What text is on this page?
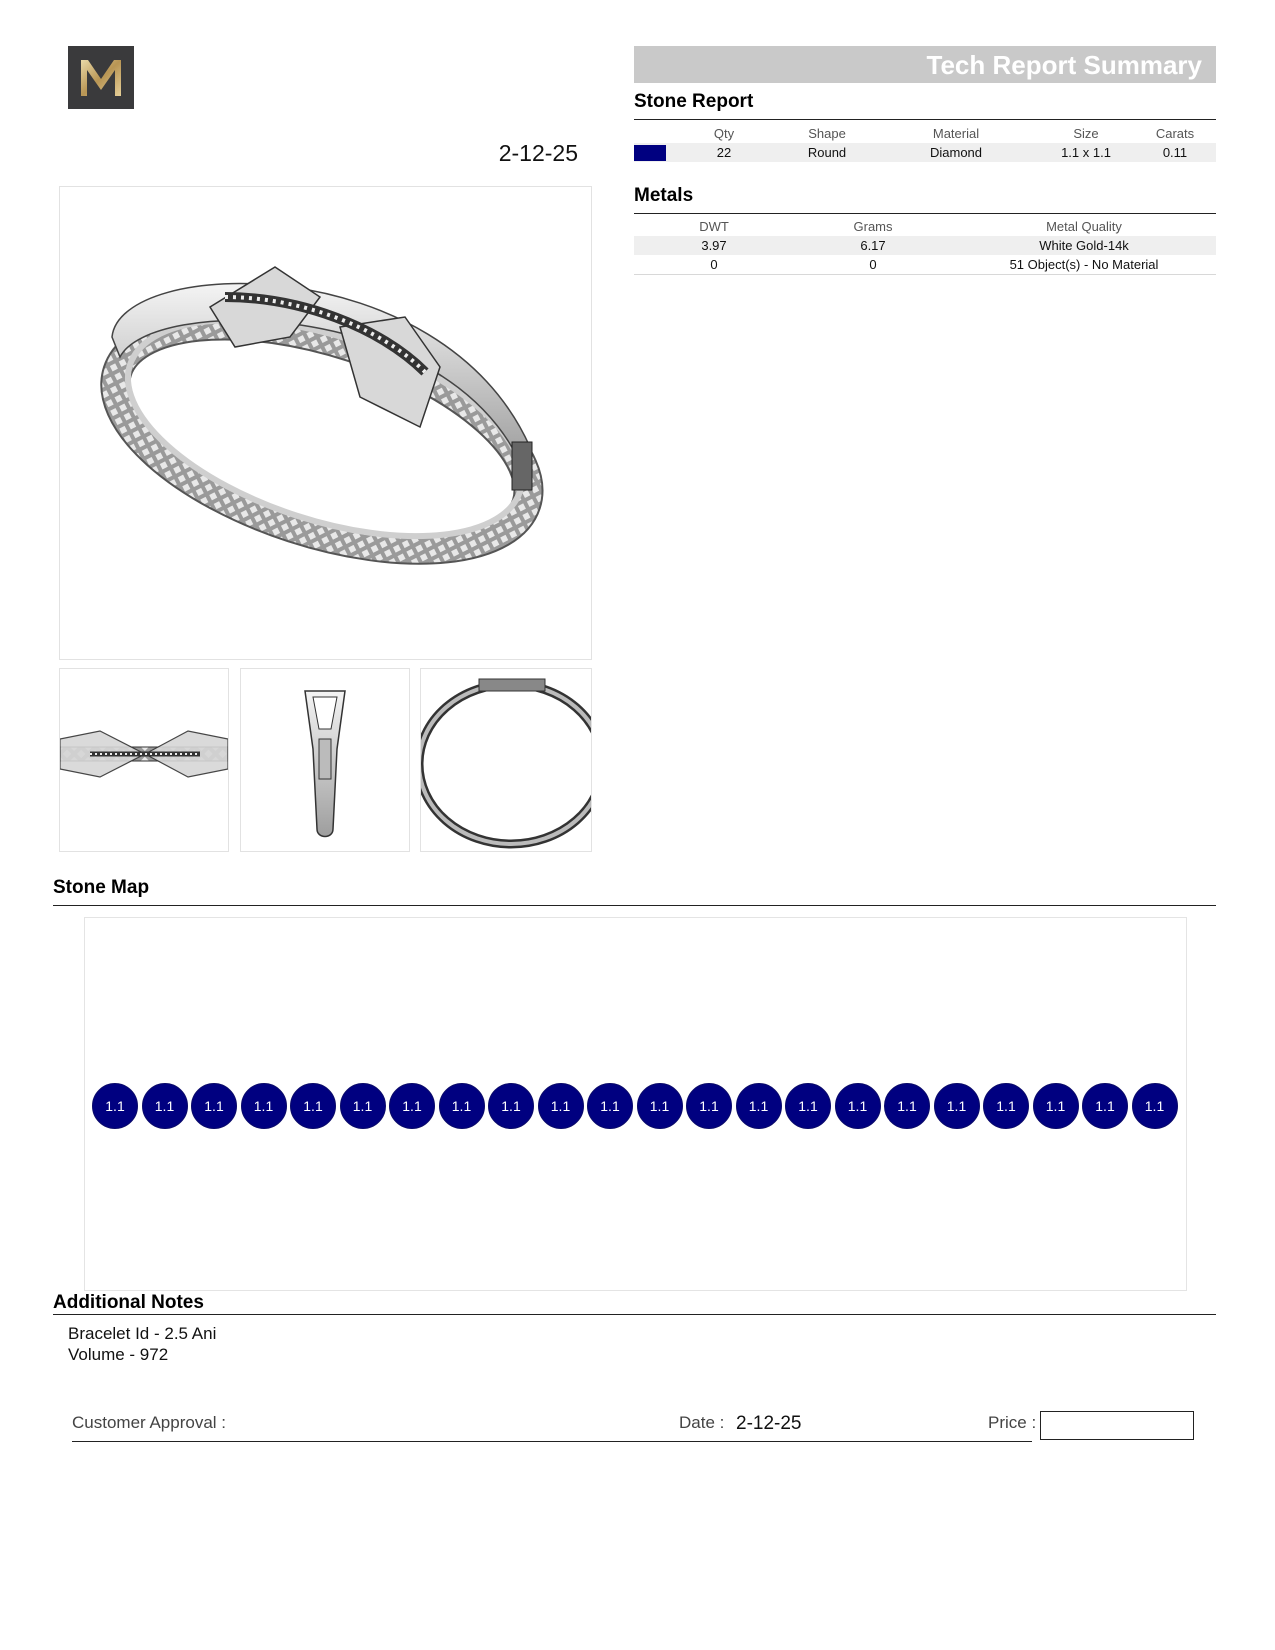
2-12-25
Tech Report Summary
Stone Report
	Qty	Shape	Material	Size	Carats
	22	Round	Diamond	1.1 x 1.1	0.11
Metals
DWT	Grams	Metal Quality
3.97	6.17	White Gold-14k
0	0	51 Object(s) - No Material
Stone Map
1.1	1.1	1.1	1.1	1.1	1.1	1.1	1.1	1.1	1.1	1.1	1.1	1.1	1.1	1.1	1.1	1.1	1.1	1.1	1.1	1.1	1.1
Additional Notes
Bracelet Id - 2.5 Ani
Volume - 972
Customer Approval :	Date : 2-12-25	Price :
